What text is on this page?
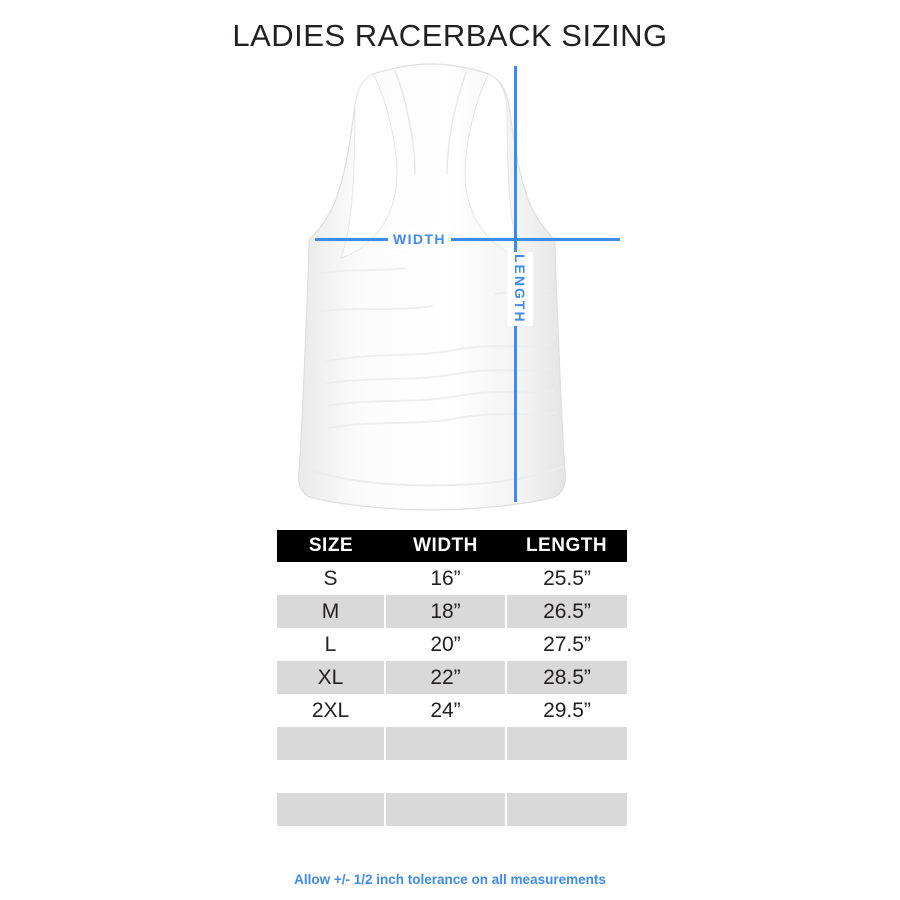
LADIES RACERBACK SIZING
WIDTH
LENGTH
SIZE	WIDTH	LENGTH
S	16”	25.5”
M	18”	26.5”
L	20”	27.5”
XL	22”	28.5”
2XL	24”	29.5”

Allow +/- 1/2 inch tolerance on all measurements
